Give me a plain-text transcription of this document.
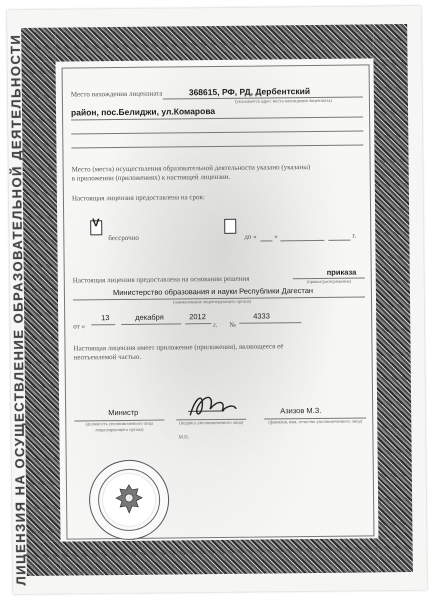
ЛИЦЕНЗИЯ НА ОСУЩЕСТВЛЕНИЕ ОБРАЗОВАТЕЛЬНОЙ ДЕЯТЕЛЬНОСТИ	Место нахождения лицензиата	368615, РФ, РД, Дербентский
(указывается адрес места нахождения лицензиата)
район, пос.Белиджи, ул.Комарова
Место (места) осуществления образовательной деятельности указано (указаны)
в приложении (приложениях) к настоящей лицензии.
Настоящая лицензия предоставлена на срок:
V
бессрочно	до «	»	г.
Настоящая лицензия предоставлена на основании решения
приказа
(приказ/распоряжение)
Министерство образования и науки Республики Дагестан
(наименование лицензирующего органа)
от «
13	декабря	2012
г. №
4333
Настоящая лицензия имеет приложение (приложения), являющееся её
неотъемлемой частью.
Министр
(должность уполномоченного лица лицензирующего органа)
(подпись уполномоченного лица)
Азизов М.З.
(фамилия, имя, отчество уполномоченного лица)
М.П.
ООО «БЛАНК»... г. Москва, 2012 г., уровень А	заказ № 3194
